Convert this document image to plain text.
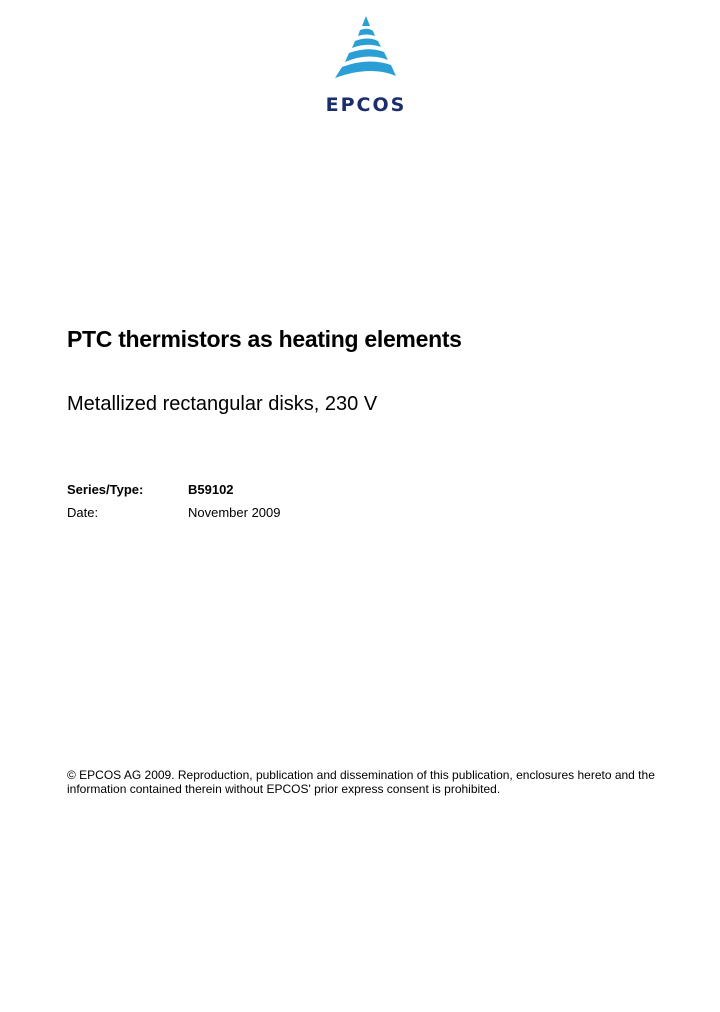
EPCOS
PTC thermistors as heating elements
Metallized rectangular disks, 230 V
Series/Type:	B59102
Date:	November 2009
© EPCOS AG 2009. Reproduction, publication and dissemination of this publication, enclosures hereto and the
information contained therein without EPCOS' prior express consent is prohibited.
